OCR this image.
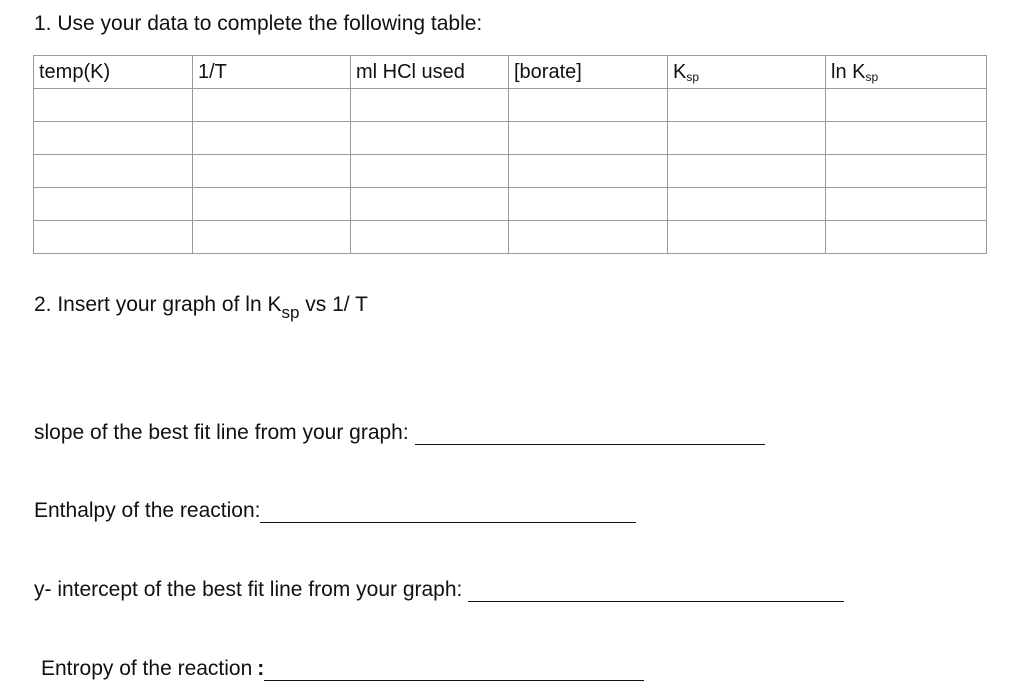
1. Use your data to complete the following table:
temp(K)	1/T	ml HCl used	[borate]	Ksp	ln Ksp

2. Insert your graph of $\ln K_{sp}$ vs 1/ T
slope of the best fit line from your graph:
Enthalpy of the reaction:
y- intercept of the best fit line from your graph:
Entropy of the reaction :
